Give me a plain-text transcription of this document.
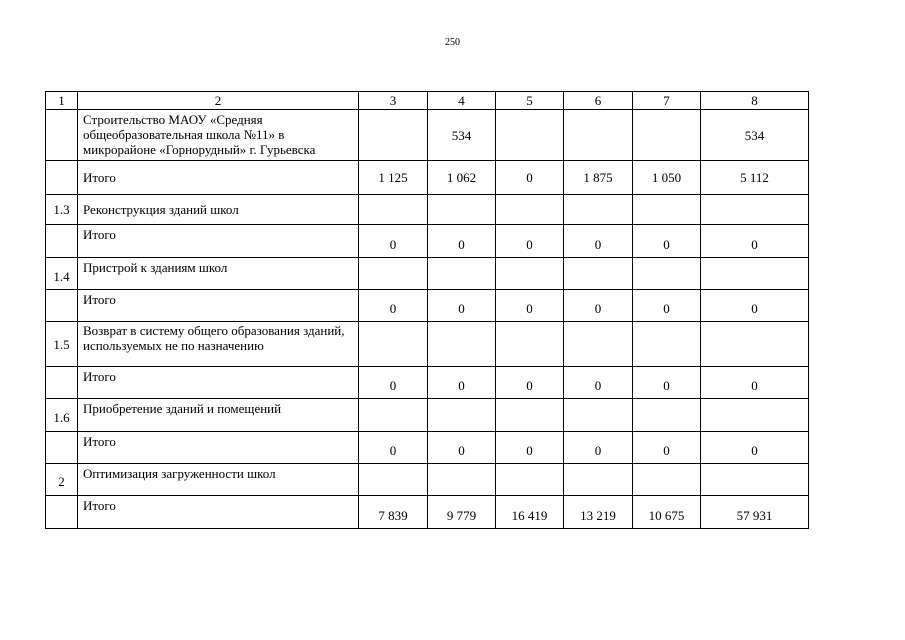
250
1	2	3	4	5	6	7	8
	Строительство МАОУ «Средняя общеобразовательная школа №11» в микрорайоне «Горнорудный» г. Гурьевска		534				534
	Итого	1 125	1 062	0	1 875	1 050	5 112
1.3	Реконструкция зданий школ						
	Итого	0	0	0	0	0	0
1.4	Пристрой к зданиям школ						
	Итого	0	0	0	0	0	0
1.5	Возврат в систему общего образования зданий, используемых не по назначению						
	Итого	0	0	0	0	0	0
1.6	Приобретение зданий и помещений						
	Итого	0	0	0	0	0	0
2	Оптимизация загруженности школ						
	Итого	7 839	9 779	16 419	13 219	10 675	57 931
